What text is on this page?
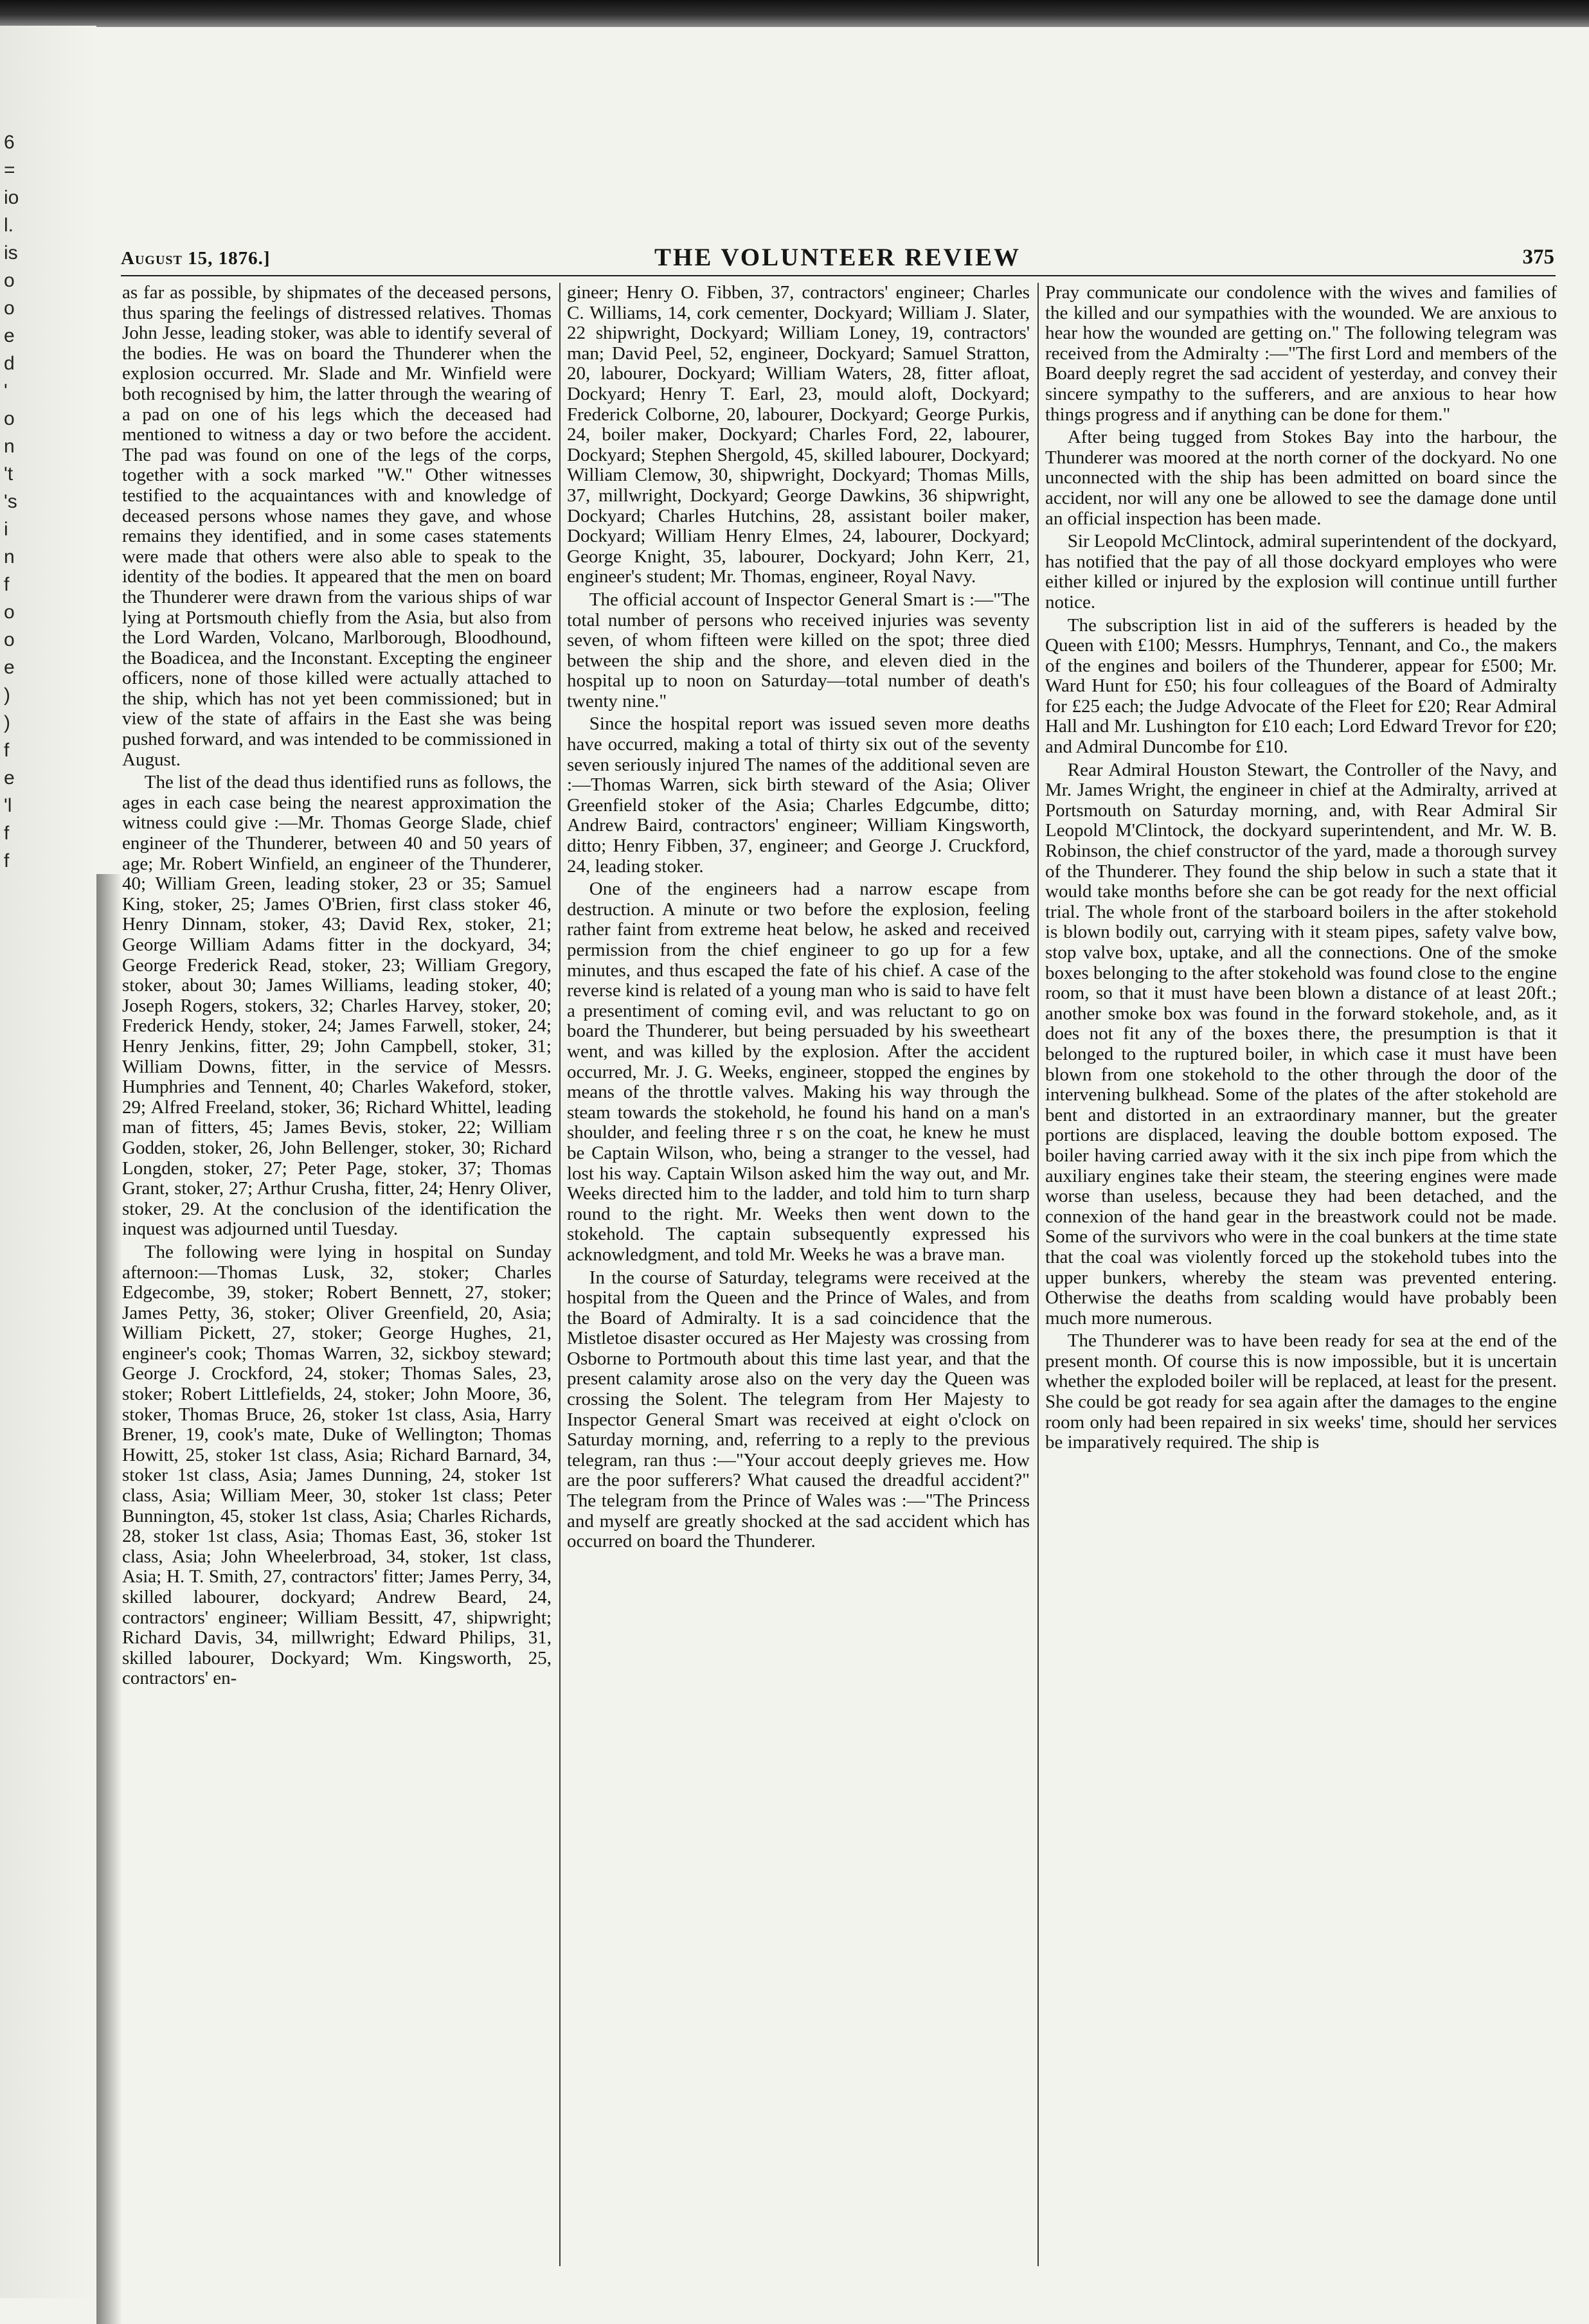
6
=
io
l.
is
o
o
e
d
'
o
n
't
's
i
n
f
o
o
e
)
)
f
e
'l
f
f
August 15, 1876.]	THE VOLUNTEER REVIEW	375

as far as possible, by shipmates of the deceased persons, thus sparing the feelings of distressed relatives. Thomas John Jesse, leading stoker, was able to identify several of the bodies. He was on board the Thunderer when the explosion occurred. Mr. Slade and Mr. Winfield were both recognised by him, the latter through the wearing of a pad on one of his legs which the deceased had mentioned to witness a day or two before the accident. The pad was found on one of the legs of the corps, together with a sock marked "W." Other witnesses testified to the acquaintances with and knowledge of deceased persons whose names they gave, and whose remains they identified, and in some cases statements were made that others were also able to speak to the identity of the bodies. It appeared that the men on board the Thunderer were drawn from the various ships of war lying at Portsmouth chiefly from the Asia, but also from the Lord Warden, Volcano, Marlborough, Bloodhound, the Boadicea, and the Inconstant. Excepting the engineer officers, none of those killed were actually attached to the ship, which has not yet been commissioned; but in view of the state of affairs in the East she was being pushed forward, and was intended to be commissioned in August.

The list of the dead thus identified runs as follows, the ages in each case being the nearest approximation the witness could give :—Mr. Thomas George Slade, chief engineer of the Thunderer, between 40 and 50 years of age; Mr. Robert Winfield, an engineer of the Thunderer, 40; William Green, leading stoker, 23 or 35; Samuel King, stoker, 25; James O'Brien, first class stoker 46, Henry Dinnam, stoker, 43; David Rex, stoker, 21; George William Adams fitter in the dockyard, 34; George Frederick Read, stoker, 23; William Gregory, stoker, about 30; James Williams, leading stoker, 40; Joseph Rogers, stokers, 32; Charles Harvey, stoker, 20; Frederick Hendy, stoker, 24; James Farwell, stoker, 24; Henry Jenkins, fitter, 29; John Campbell, stoker, 31; William Downs, fitter, in the service of Messrs. Humphries and Tennent, 40; Charles Wakeford, stoker, 29; Alfred Freeland, stoker, 36; Richard Whittel, leading man of fitters, 45; James Bevis, stoker, 22; William Godden, stoker, 26, John Bellenger, stoker, 30; Richard Longden, stoker, 27; Peter Page, stoker, 37; Thomas Grant, stoker, 27; Arthur Crusha, fitter, 24; Henry Oliver, stoker, 29. At the conclusion of the identification the inquest was adjourned until Tuesday.

The following were lying in hospital on Sunday afternoon:—Thomas Lusk, 32, stoker; Charles Edgecombe, 39, stoker; Robert Bennett, 27, stoker; James Petty, 36, stoker; Oliver Greenfield, 20, Asia; William Pickett, 27, stoker; George Hughes, 21, engineer's cook; Thomas Warren, 32, sickboy steward; George J. Crockford, 24, stoker; Thomas Sales, 23, stoker; Robert Littlefields, 24, stoker; John Moore, 36, stoker, Thomas Bruce, 26, stoker 1st class, Asia, Harry Brener, 19, cook's mate, Duke of Wellington; Thomas Howitt, 25, stoker 1st class, Asia; Richard Barnard, 34, stoker 1st class, Asia; James Dunning, 24, stoker 1st class, Asia; William Meer, 30, stoker 1st class; Peter Bunnington, 45, stoker 1st class, Asia; Charles Richards, 28, stoker 1st class, Asia; Thomas East, 36, stoker 1st class, Asia; John Wheelerbroad, 34, stoker, 1st class, Asia; H. T. Smith, 27, contractors' fitter; James Perry, 34, skilled labourer, dockyard; Andrew Beard, 24, contractors' engineer; William Bessitt, 47, shipwright; Richard Davis, 34, millwright; Edward Philips, 31, skilled labourer, Dockyard; Wm. Kingsworth, 25, contractors' en-

gineer; Henry O. Fibben, 37, contractors' engineer; Charles C. Williams, 14, cork cementer, Dockyard; William J. Slater, 22 shipwright, Dockyard; William Loney, 19, contractors' man; David Peel, 52, engineer, Dockyard; Samuel Stratton, 20, labourer, Dockyard; William Waters, 28, fitter afloat, Dockyard; Henry T. Earl, 23, mould aloft, Dockyard; Frederick Colborne, 20, labourer, Dockyard; George Purkis, 24, boiler maker, Dockyard; Charles Ford, 22, labourer, Dockyard; Stephen Shergold, 45, skilled labourer, Dockyard; William Clemow, 30, shipwright, Dockyard; Thomas Mills, 37, millwright, Dockyard; George Dawkins, 36 shipwright, Dockyard; Charles Hutchins, 28, assistant boiler maker, Dockyard; William Henry Elmes, 24, labourer, Dockyard; George Knight, 35, labourer, Dockyard; John Kerr, 21, engineer's student; Mr. Thomas, engineer, Royal Navy.

The official account of Inspector General Smart is :—"The total number of persons who received injuries was seventy seven, of whom fifteen were killed on the spot; three died between the ship and the shore, and eleven died in the hospital up to noon on Saturday—total number of death's twenty nine."

Since the hospital report was issued seven more deaths have occurred, making a total of thirty six out of the seventy seven seriously injured The names of the additional seven are :—Thomas Warren, sick birth steward of the Asia; Oliver Greenfield stoker of the Asia; Charles Edgcumbe, ditto; Andrew Baird, contractors' engineer; William Kingsworth, ditto; Henry Fibben, 37, engineer; and George J. Cruckford, 24, leading stoker.

One of the engineers had a narrow escape from destruction. A minute or two before the explosion, feeling rather faint from extreme heat below, he asked and received permission from the chief engineer to go up for a few minutes, and thus escaped the fate of his chief. A case of the reverse kind is related of a young man who is said to have felt a presentiment of coming evil, and was reluctant to go on board the Thunderer, but being persuaded by his sweetheart went, and was killed by the explosion. After the accident occurred, Mr. J. G. Weeks, engineer, stopped the engines by means of the throttle valves. Making his way through the steam towards the stokehold, he found his hand on a man's shoulder, and feeling three r s on the coat, he knew he must be Captain Wilson, who, being a stranger to the vessel, had lost his way. Captain Wilson asked him the way out, and Mr. Weeks directed him to the ladder, and told him to turn sharp round to the right. Mr. Weeks then went down to the stokehold. The captain subsequently expressed his acknowledgment, and told Mr. Weeks he was a brave man.

In the course of Saturday, telegrams were received at the hospital from the Queen and the Prince of Wales, and from the Board of Admiralty. It is a sad coincidence that the Mistletoe disaster occured as Her Majesty was crossing from Osborne to Portmouth about this time last year, and that the present calamity arose also on the very day the Queen was crossing the Solent. The telegram from Her Majesty to Inspector General Smart was received at eight o'clock on Saturday morning, and, referring to a reply to the previous telegram, ran thus :—"Your accout deeply grieves me. How are the poor sufferers? What caused the dreadful accident?" The telegram from the Prince of Wales was :—"The Princess and myself are greatly shocked at the sad accident which has occurred on board the Thunderer.

Pray communicate our condolence with the wives and families of the killed and our sympathies with the wounded. We are anxious to hear how the wounded are getting on." The following telegram was received from the Admiralty :—"The first Lord and members of the Board deeply regret the sad accident of yesterday, and convey their sincere sympathy to the sufferers, and are anxious to hear how things progress and if anything can be done for them."

After being tugged from Stokes Bay into the harbour, the Thunderer was moored at the north corner of the dockyard. No one unconnected with the ship has been admitted on board since the accident, nor will any one be allowed to see the damage done until an official inspection has been made.

Sir Leopold McClintock, admiral superintendent of the dockyard, has notified that the pay of all those dockyard employes who were either killed or injured by the explosion will continue untill further notice.

The subscription list in aid of the sufferers is headed by the Queen with £100; Messrs. Humphrys, Tennant, and Co., the makers of the engines and boilers of the Thunderer, appear for £500; Mr. Ward Hunt for £50; his four colleagues of the Board of Admiralty for £25 each; the Judge Advocate of the Fleet for £20; Rear Admiral Hall and Mr. Lushington for £10 each; Lord Edward Trevor for £20; and Admiral Duncombe for £10.

Rear Admiral Houston Stewart, the Controller of the Navy, and Mr. James Wright, the engineer in chief at the Admiralty, arrived at Portsmouth on Saturday morning, and, with Rear Admiral Sir Leopold M'Clintock, the dockyard superintendent, and Mr. W. B. Robinson, the chief constructor of the yard, made a thorough survey of the Thunderer. They found the ship below in such a state that it would take months before she can be got ready for the next official trial. The whole front of the starboard boilers in the after stokehold is blown bodily out, carrying with it steam pipes, safety valve bow, stop valve box, uptake, and all the connections. One of the smoke boxes belonging to the after stokehold was found close to the engine room, so that it must have been blown a distance of at least 20ft.; another smoke box was found in the forward stokehole, and, as it does not fit any of the boxes there, the presumption is that it belonged to the ruptured boiler, in which case it must have been blown from one stokehold to the other through the door of the intervening bulkhead. Some of the plates of the after stokehold are bent and distorted in an extraordinary manner, but the greater portions are displaced, leaving the double bottom exposed. The boiler having carried away with it the six inch pipe from which the auxiliary engines take their steam, the steering engines were made worse than useless, because they had been detached, and the connexion of the hand gear in the breastwork could not be made. Some of the survivors who were in the coal bunkers at the time state that the coal was violently forced up the stokehold tubes into the upper bunkers, whereby the steam was prevented entering. Otherwise the deaths from scalding would have probably been much more numerous.

The Thunderer was to have been ready for sea at the end of the present month. Of course this is now impossible, but it is uncertain whether the exploded boiler will be replaced, at least for the present. She could be got ready for sea again after the damages to the engine room only had been repaired in six weeks' time, should her services be imparatively required. The ship is
